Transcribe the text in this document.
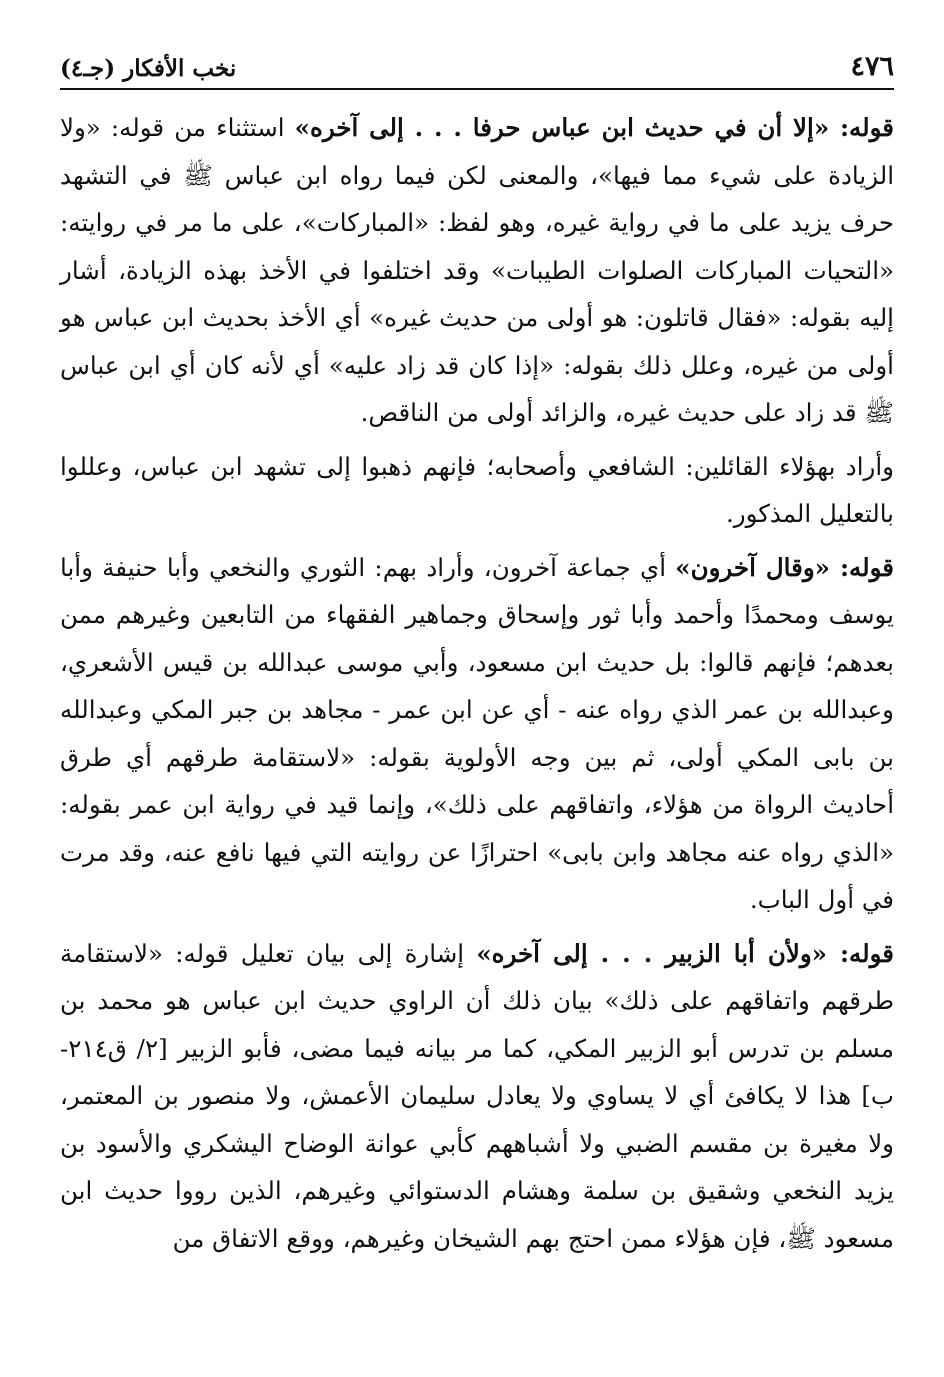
٤٧٦
نخب الأفكار (جـ٤)

قوله: «إلا أن في حديث ابن عباس حرفا . . . إلى آخره» استثناء من قوله: «ولا الزيادة على شيء مما فيها»، والمعنى لكن فيما رواه ابن عباس ﷺ في التشهد حرف يزيد على ما في رواية غيره، وهو لفظ: «المباركات»، على ما مر في روايته: «التحيات المباركات الصلوات الطيبات» وقد اختلفوا في الأخذ بهذه الزيادة، أشار إليه بقوله: «فقال قاتلون: هو أولى من حديث غيره» أي الأخذ بحديث ابن عباس هو أولى من غيره، وعلل ذلك بقوله: «إذا كان قد زاد عليه» أي لأنه كان أي ابن عباس ﷺ قد زاد على حديث غيره، والزائد أولى من الناقص.

وأراد بهؤلاء القائلين: الشافعي وأصحابه؛ فإنهم ذهبوا إلى تشهد ابن عباس، وعللوا بالتعليل المذكور.

قوله: «وقال آخرون» أي جماعة آخرون، وأراد بهم: الثوري والنخعي وأبا حنيفة وأبا يوسف ومحمدًا وأحمد وأبا ثور وإسحاق وجماهير الفقهاء من التابعين وغيرهم ممن بعدهم؛ فإنهم قالوا: بل حديث ابن مسعود، وأبي موسى عبدالله بن قيس الأشعري، وعبدالله بن عمر الذي رواه عنه - أي عن ابن عمر - مجاهد بن جبر المكي وعبدالله بن بابى المكي أولى، ثم بين وجه الأولوية بقوله: «لاستقامة طرقهم أي طرق أحاديث الرواة من هؤلاء، واتفاقهم على ذلك»، وإنما قيد في رواية ابن عمر بقوله: «الذي رواه عنه مجاهد وابن بابى» احترازًا عن روايته التي فيها نافع عنه، وقد مرت في أول الباب.

قوله: «ولأن أبا الزبير . . . إلى آخره» إشارة إلى بيان تعليل قوله: «لاستقامة طرقهم واتفاقهم على ذلك» بيان ذلك أن الراوي حديث ابن عباس هو محمد بن مسلم بن تدرس أبو الزبير المكي، كما مر بيانه فيما مضى، فأبو الزبير [٢/ ق٢١٤-ب] هذا لا يكافئ أي لا يساوي ولا يعادل سليمان الأعمش، ولا منصور بن المعتمر، ولا مغيرة بن مقسم الضبي ولا أشباههم كأبي عوانة الوضاح اليشكري والأسود بن يزيد النخعي وشقيق بن سلمة وهشام الدستوائي وغيرهم، الذين رووا حديث ابن مسعود ﷺ، فإن هؤلاء ممن احتج بهم الشيخان وغيرهم، ووقع الاتفاق من
